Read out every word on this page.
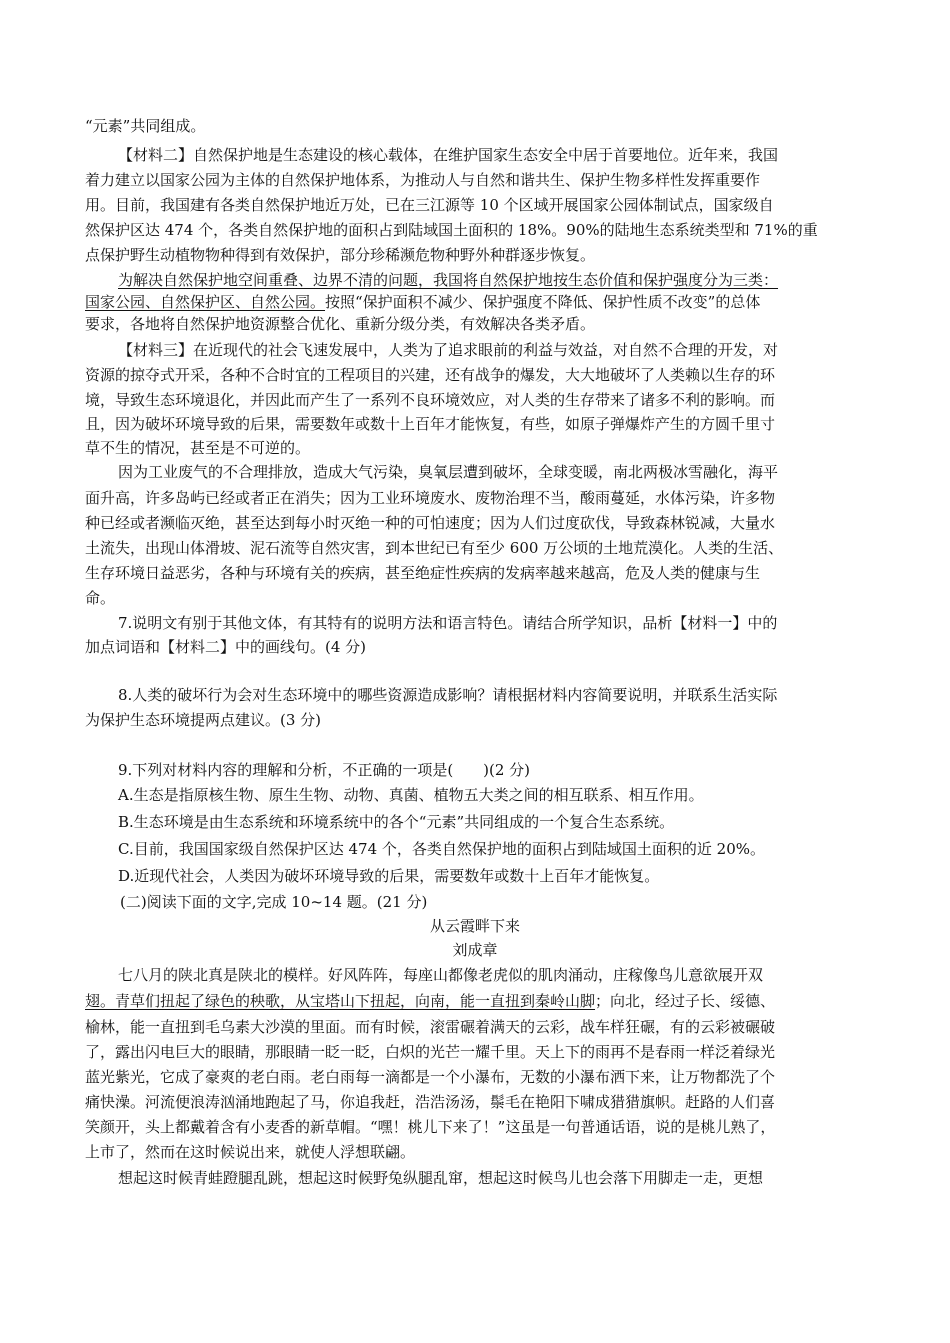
“元素”共同组成。
【材料二】自然保护地是生态建设的核心载体，在维护国家生态安全中居于首要地位。近年来，我国
着力建立以国家公园为主体的自然保护地体系，为推动人与自然和谐共生、保护生物多样性发挥重要作
用。目前，我国建有各类自然保护地近万处，已在三江源等 10 个区域开展国家公园体制试点，国家级自
然保护区达 474 个，各类自然保护地的面积占到陆域国土面积的 18%。90%的陆地生态系统类型和 71%的重
点保护野生动植物物种得到有效保护，部分珍稀濒危物种野外种群逐步恢复。
为解决自然保护地空间重叠、边界不清的问题，我国将自然保护地按生态价值和保护强度分为三类：
国家公园、自然保护区、自然公园。按照“保护面积不减少、保护强度不降低、保护性质不改变”的总体
要求，各地将自然保护地资源整合优化、重新分级分类，有效解决各类矛盾。
【材料三】在近现代的社会飞速发展中，人类为了追求眼前的利益与效益，对自然不合理的开发，对
资源的掠夺式开采，各种不合时宜的工程项目的兴建，还有战争的爆发，大大地破坏了人类赖以生存的环
境，导致生态环境退化，并因此而产生了一系列不良环境效应，对人类的生存带来了诸多不利的影响。而
且，因为破坏环境导致的后果，需要数年或数十上百年才能恢复，有些，如原子弹爆炸产生的方圆千里寸
草不生的情况，甚至是不可逆的。
因为工业废气的不合理排放，造成大气污染，臭氧层遭到破坏，全球变暖，南北两极冰雪融化，海平
面升高，许多岛屿已经或者正在消失；因为工业环境废水、废物治理不当，酸雨蔓延，水体污染，许多物
种已经或者濒临灭绝，甚至达到每小时灭绝一种的可怕速度；因为人们过度砍伐，导致森林锐减，大量水
土流失，出现山体滑坡、泥石流等自然灾害，到本世纪已有至少 600 万公顷的土地荒漠化。人类的生活、
生存环境日益恶劣，各种与环境有关的疾病，甚至绝症性疾病的发病率越来越高，危及人类的健康与生
命。
7.说明文有别于其他文体，有其特有的说明方法和语言特色。请结合所学知识，品析【材料一】中的
加点词语和【材料二】中的画线句。(4 分)
8.人类的破坏行为会对生态环境中的哪些资源造成影响？请根据材料内容简要说明，并联系生活实际
为保护生态环境提两点建议。(3 分)
9.下列对材料内容的理解和分析，不正确的一项是(　　)(2 分)
A.生态是指原核生物、原生生物、动物、真菌、植物五大类之间的相互联系、相互作用。
B.生态环境是由生态系统和环境系统中的各个“元素”共同组成的一个复合生态系统。
C.目前，我国国家级自然保护区达 474 个，各类自然保护地的面积占到陆域国土面积的近 20%。
D.近现代社会，人类因为破坏环境导致的后果，需要数年或数十上百年才能恢复。
(二)阅读下面的文字,完成 10~14 题。(21 分)
从云霞畔下来
刘成章
七八月的陕北真是陕北的模样。好风阵阵，每座山都像老虎似的肌肉涌动，庄稼像鸟儿意欲展开双
翅。青草们扭起了绿色的秧歌，从宝塔山下扭起，向南，能一直扭到秦岭山脚；向北，经过子长、绥德、
榆林，能一直扭到毛乌素大沙漠的里面。而有时候，滚雷碾着满天的云彩，战车样狂碾，有的云彩被碾破
了，露出闪电巨大的眼睛，那眼睛一眨一眨，白炽的光芒一耀千里。天上下的雨再不是春雨一样泛着绿光
蓝光紫光，它成了豪爽的老白雨。老白雨每一滴都是一个小瀑布，无数的小瀑布洒下来，让万物都洗了个
痛快澡。河流便浪涛汹涌地跑起了马，你追我赶，浩浩汤汤，鬃毛在艳阳下啸成猎猎旗帜。赶路的人们喜
笑颜开，头上都戴着含有小麦香的新草帽。“嘿！桃儿下来了！”这虽是一句普通话语，说的是桃儿熟了，
上市了，然而在这时候说出来，就使人浮想联翩。
想起这时候青蛙蹬腿乱跳，想起这时候野兔纵腿乱窜，想起这时候鸟儿也会落下用脚走一走，更想
